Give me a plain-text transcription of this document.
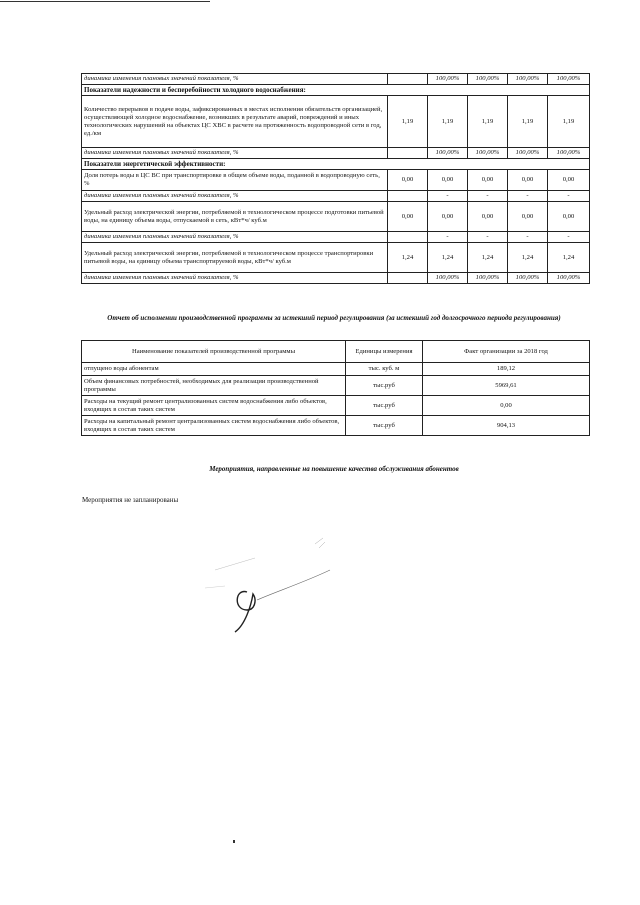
динамика изменения плановых значений показателя, %		100,00%	100,00%	100,00%	100,00%
Показатели надежности и бесперебойности холодного водоснабжения:					
Количество перерывов в подаче воды, зафиксированных в местах исполнения обязательств организацией, осуществляющей холодное водоснабжение, возникших в результате аварий, повреждений и иных технологических нарушений на объектах ЦС ХВС в расчете на протяженность водопроводной сети в год, ед./км	1,19	1,19	1,19	1,19	1,19
динамика изменения плановых значений показателя, %		100,00%	100,00%	100,00%	100,00%
Показатели энергетической эффективности:					
Доля потерь воды в ЦС ВС при транспортировке в общем объеме воды, поданной в водопроводную сеть, %	0,00	0,00	0,00	0,00	0,00
динамика изменения плановых значений показателя, %		-	-	-	-
Удельный расход электрической энергии, потребляемой в технологическом процессе подготовки питьевой воды, на единицу объема воды, отпускаемой в сеть, кВт*ч/ куб.м	0,00	0,00	0,00	0,00	0,00
динамика изменения плановых значений показателя, %		-	-	-	-
Удельный расход электрической энергии, потребляемой в технологическом процессе транспортировки питьевой воды, на единицу объема транспортируемой воды, кВт*ч/ куб.м	1,24	1,24	1,24	1,24	1,24
динамика изменения плановых значений показателя, %		100,00%	100,00%	100,00%	100,00%
Отчет об исполнении производственной программы за истекший период регулирования (за истекший год долгосрочного периода регулирования)
Наименование показателей производственной программы	Единицы измерения	Факт организации за 2018 год
отпущено воды абонентам	тыс. куб. м	189,12
Объем финансовых потребностей, необходимых для реализации производственной программы	тыс.руб	5969,61
Расходы на текущий ремонт централизованных систем водоснабжения либо объектов, входящих в состав таких систем	тыс.руб	0,00
Расходы на капитальный ремонт централизованных систем водоснабжения либо объектов, входящих в состав таких систем	тыс.руб	904,13
Мероприятия, направленные на повышение качества обслуживания абонентов
Мероприятия не запланированы
